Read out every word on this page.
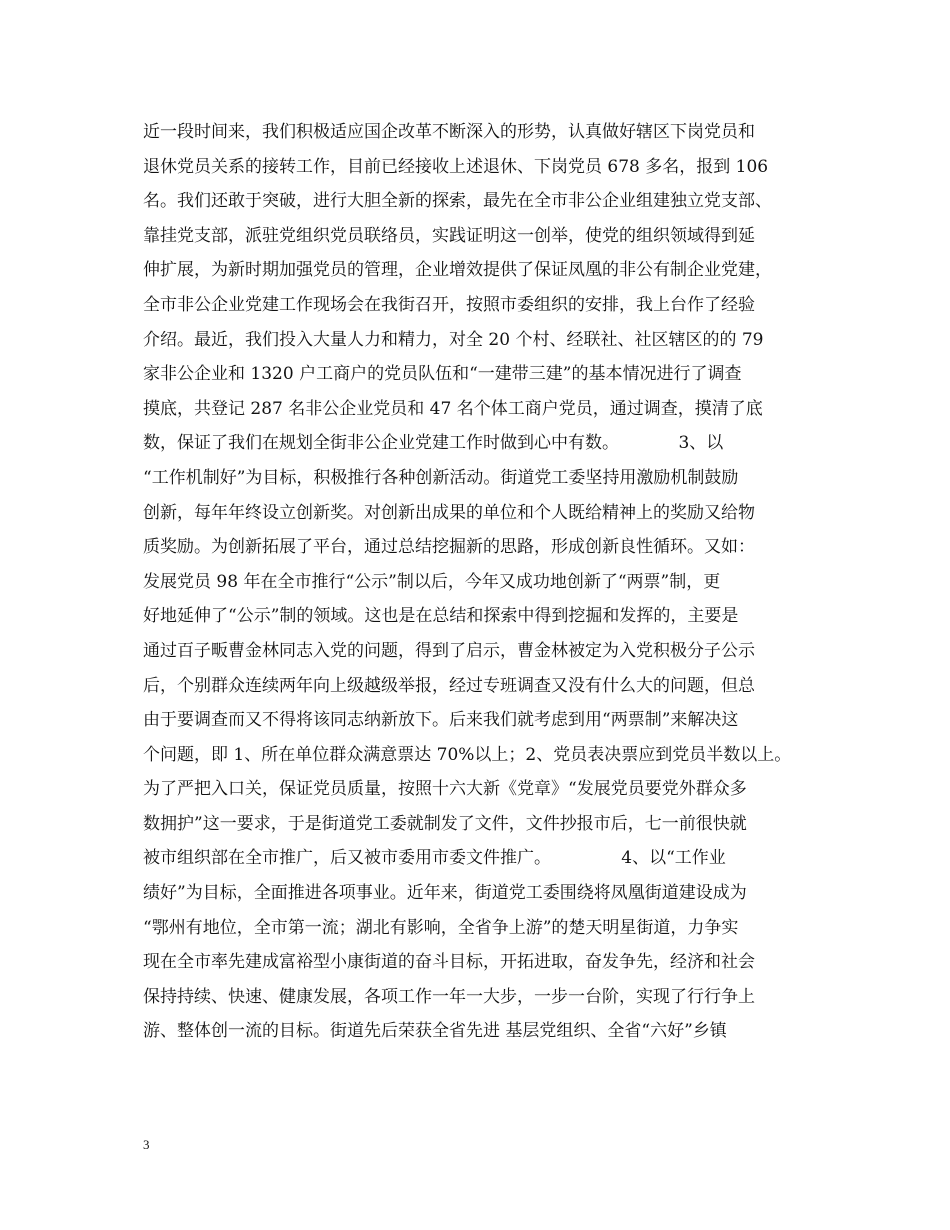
近一段时间来，我们积极适应国企改革不断深入的形势，认真做好辖区下岗党员和
退休党员关系的接转工作，目前已经接收上述退休、下岗党员 678 多名，报到 106
名。我们还敢于突破，进行大胆全新的探索，最先在全市非公企业组建独立党支部、
靠挂党支部，派驻党组织党员联络员，实践证明这一创举，使党的组织领域得到延
伸扩展，为新时期加强党员的管理，企业增效提供了保证凤凰的非公有制企业党建，
全市非公企业党建工作现场会在我街召开，按照市委组织的安排，我上台作了经验
介绍。最近，我们投入大量人力和精力，对全 20 个村、经联社、社区辖区的的 79
家非公企业和 1320 户工商户的党员队伍和“一建带三建”的基本情况进行了调查
摸底，共登记 287 名非公企业党员和 47 名个体工商户党员，通过调查，摸清了底
数，保证了我们在规划全街非公企业党建工作时做到心中有数。           3、以
“工作机制好”为目标，积极推行各种创新活动。街道党工委坚持用激励机制鼓励
创新，每年年终设立创新奖。对创新出成果的单位和个人既给精神上的奖励又给物
质奖励。为创新拓展了平台，通过总结挖掘新的思路，形成创新良性循环。又如：
发展党员 98 年在全市推行“公示”制以后，今年又成功地创新了“两票”制，更
好地延伸了“公示”制的领域。这也是在总结和探索中得到挖掘和发挥的，主要是
通过百子畈曹金林同志入党的问题，得到了启示，曹金林被定为入党积极分子公示
后，个别群众连续两年向上级越级举报，经过专班调查又没有什么大的问题，但总
由于要调查而又不得将该同志纳新放下。后来我们就考虑到用“两票制”来解决这
个问题，即 1、所在单位群众满意票达 70%以上；2、党员表决票应到党员半数以上。
为了严把入口关，保证党员质量，按照十六大新《党章》“发展党员要党外群众多
数拥护”这一要求，于是街道党工委就制发了文件，文件抄报市后，七一前很快就
被市组织部在全市推广，后又被市委用市委文件推广。             4、以“工作业
绩好”为目标，全面推进各项事业。近年来，街道党工委围绕将凤凰街道建设成为
“鄂州有地位，全市第一流；湖北有影响，全省争上游”的楚天明星街道，力争实
现在全市率先建成富裕型小康街道的奋斗目标，开拓进取，奋发争先，经济和社会
保持持续、快速、健康发展，各项工作一年一大步，一步一台阶，实现了行行争上
游、整体创一流的目标。街道先后荣获全省先进 基层党组织、全省“六好”乡镇
3
